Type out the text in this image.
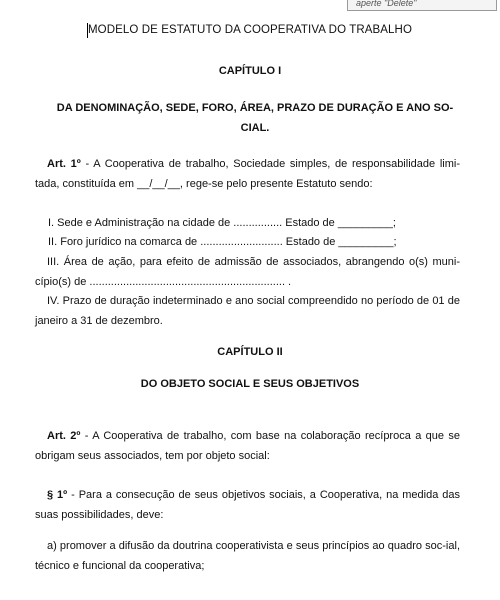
aperte "Delete"
MODELO DE ESTATUTO DA COOPERATIVA DO TRABALHO
CAPÍTULO I
DA DENOMINAÇÃO, SEDE, FORO, ÁREA, PRAZO DE DURAÇÃO E ANO SO-CIAL.

Art. 1º - A Cooperativa de trabalho, Sociedade simples, de responsabilidade limi-tada, constituída em __/__/__, rege-se pelo presente Estatuto sendo:

I. Sede e Administração na cidade de ................ Estado de _________;
II. Foro jurídico na comarca de ........................... Estado de _________;

III. Área de ação, para efeito de admissão de associados, abrangendo o(s) muni-cípio(s) de ................................................................ .

IV. Prazo de duração indeterminado e ano social compreendido no período de 01 de janeiro a 31 de dezembro.

CAPÍTULO II
DO OBJETO SOCIAL E SEUS OBJETIVOS

Art. 2º - A Cooperativa de trabalho, com base na colaboração recíproca a que se obrigam seus associados, tem por objeto social:

§ 1º - Para a consecução de seus objetivos sociais, a Cooperativa, na medida das suas possibilidades, deve:

a) promover a difusão da doutrina cooperativista e seus princípios ao quadro soc-ial, técnico e funcional da cooperativa;
